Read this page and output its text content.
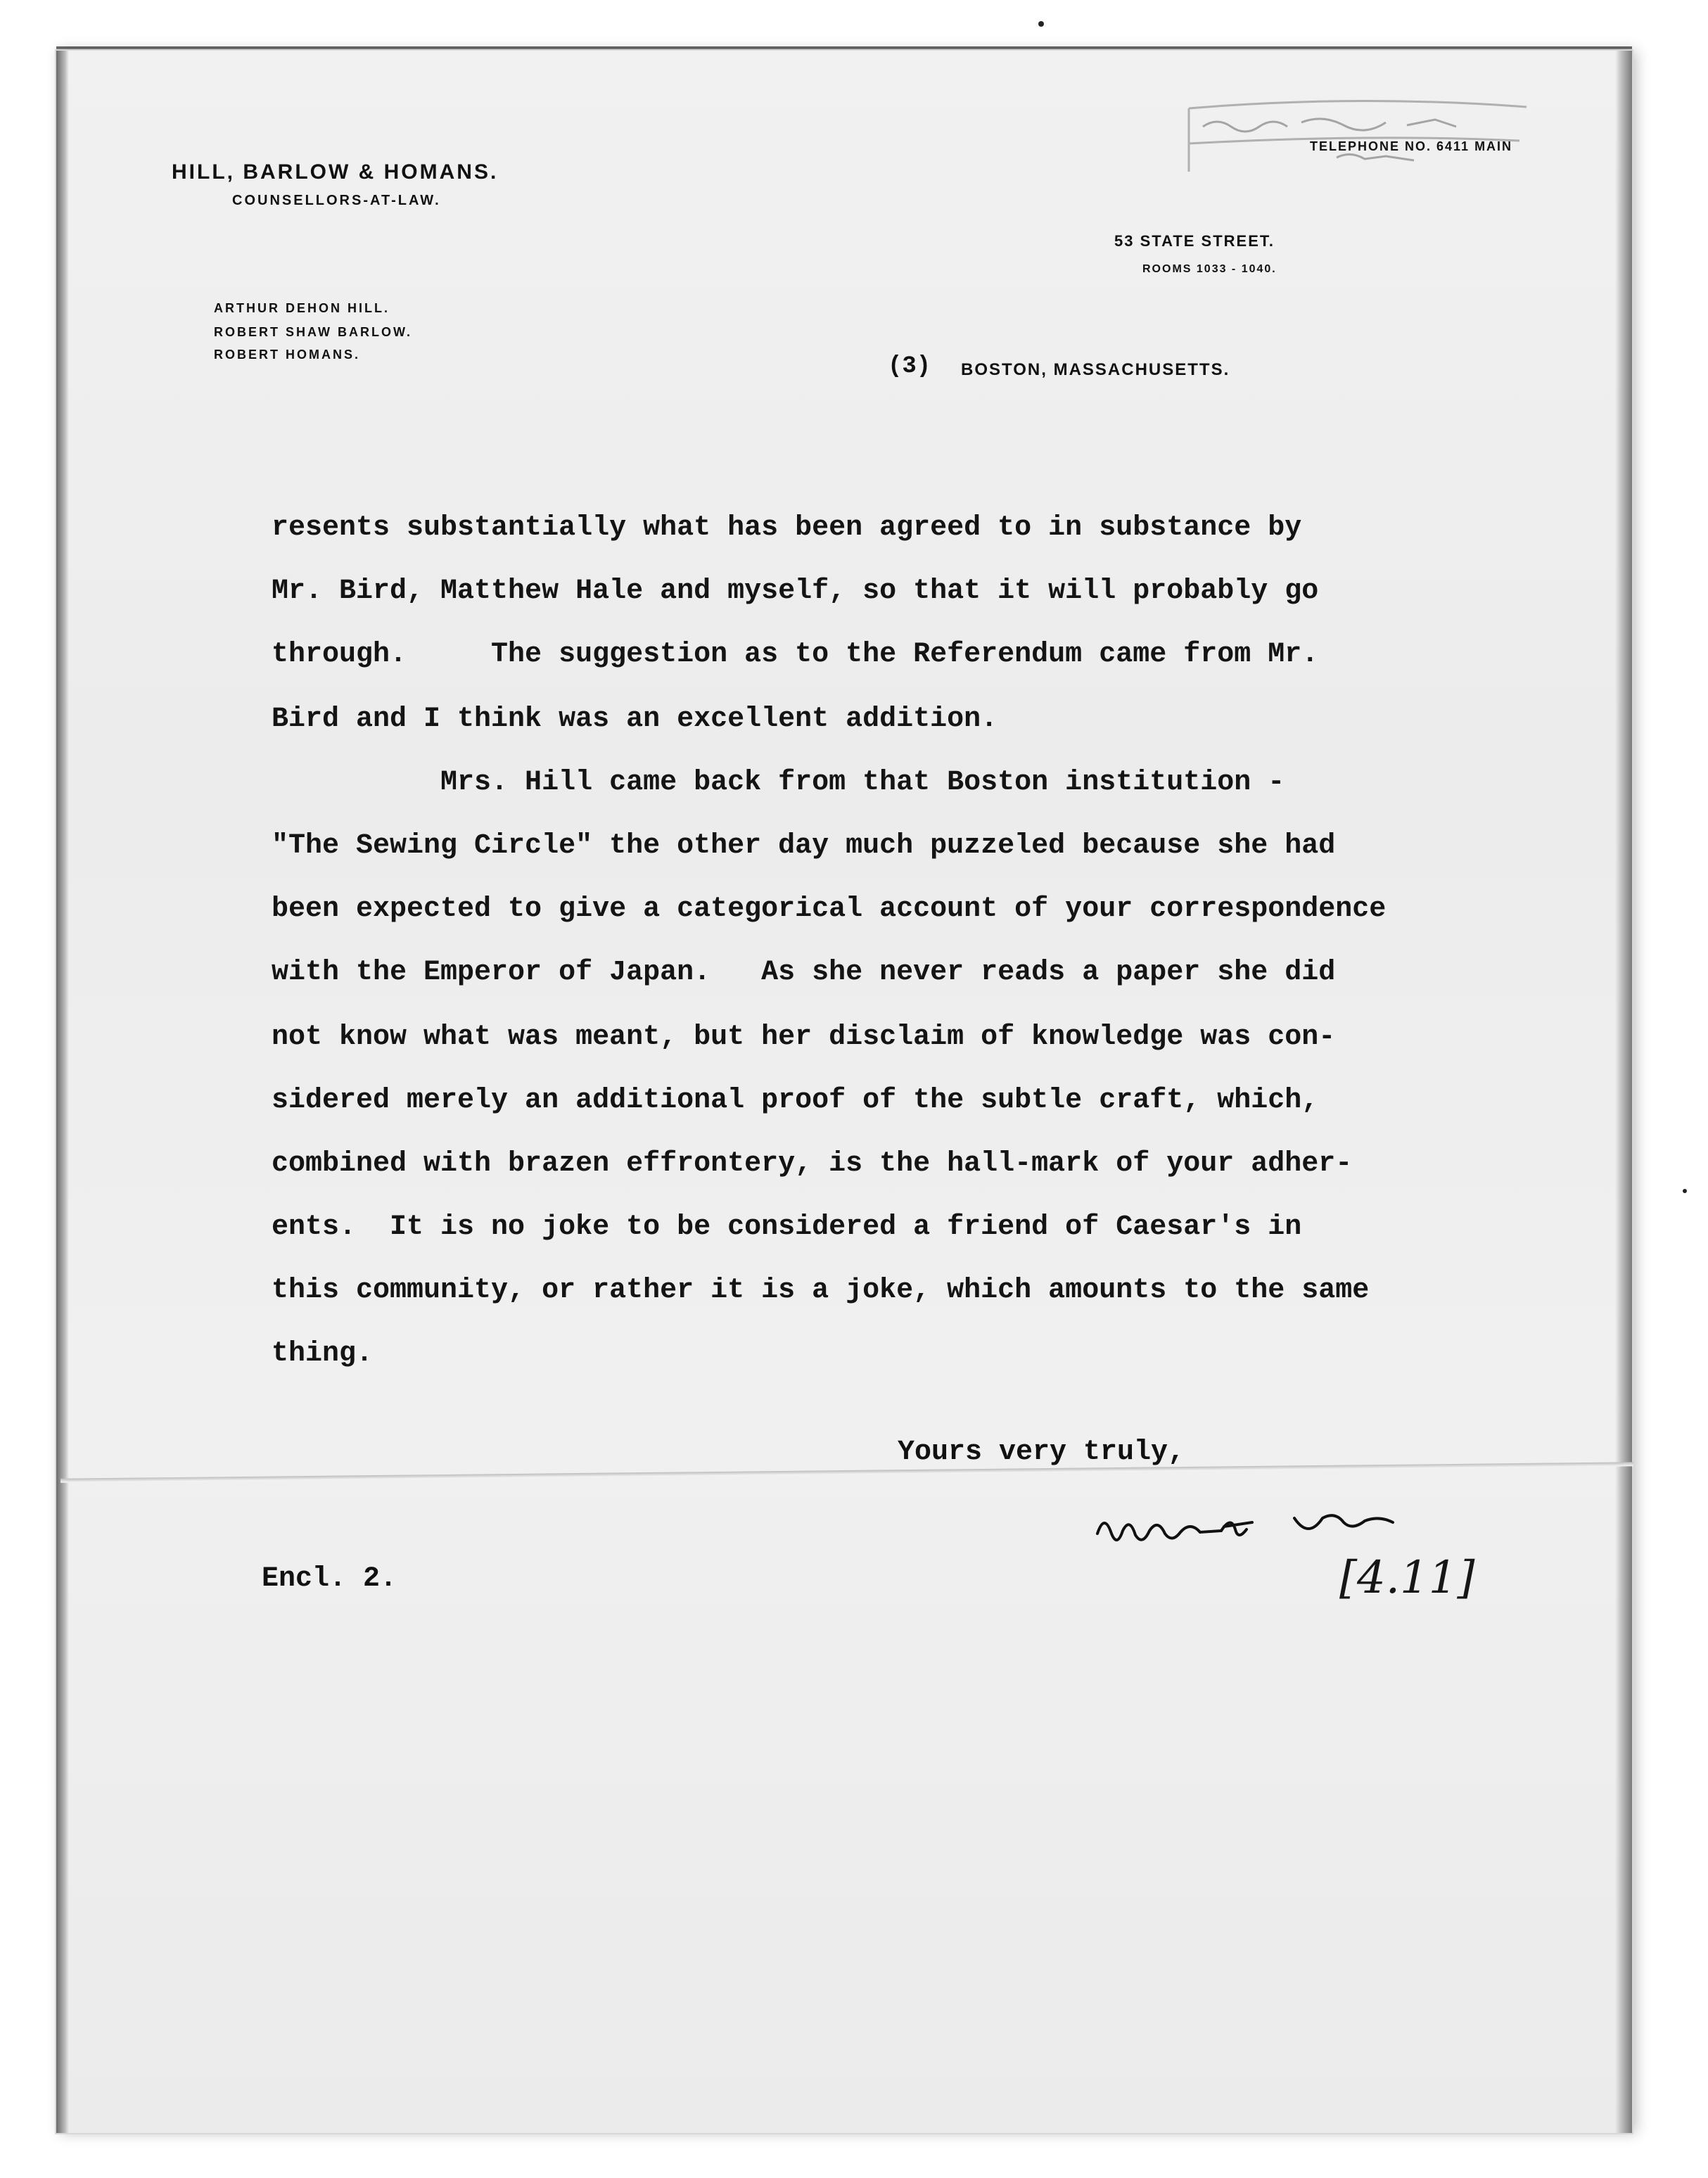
HILL, BARLOW & HOMANS.
COUNSELLORS-AT-LAW.
TELEPHONE NO. 6411 MAIN
53 STATE STREET.
ROOMS 1033 - 1040.
ARTHUR DEHON HILL.
ROBERT SHAW BARLOW.
ROBERT HOMANS.	(3) BOSTON, MASSACHUSETTS.
resents substantially what has been agreed to in substance by
Mr. Bird, Matthew Hale and myself, so that it will probably go
through.     The suggestion as to the Referendum came from Mr.
Bird and I think was an excellent addition.
Mrs. Hill came back from that Boston institution -
"The Sewing Circle" the other day much puzzeled because she had
been expected to give a categorical account of your correspondence
with the Emperor of Japan.   As she never reads a paper she did
not know what was meant, but her disclaim of knowledge was con-
sidered merely an additional proof of the subtle craft, which,
combined with brazen effrontery, is the hall-mark of your adher-
ents.  It is no joke to be considered a friend of Caesar's in
this community, or rather it is a joke, which amounts to the same
thing.
Yours very truly,
Encl. 2.	[4.11]
